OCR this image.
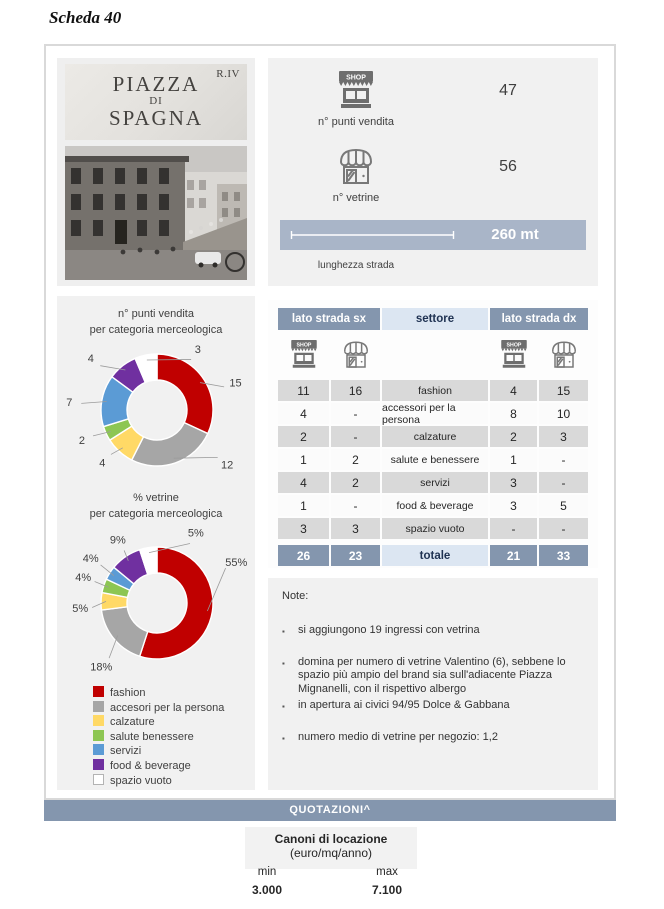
Scheda 40
PIAZZA
DI
SPAGNA
R.IV	SHOP
47
n° punti vendita
56
n° vetrine
260 mt
lunghezza strada
n° punti vendita
per categoria merceologica
15
12
4
2
7
4
3
% vetrine
per categoria merceologica
55%
18%
5%
4%
4%
9%
5%
fashion
accesori per la persona
calzature
salute benessere
servizi
food & beverage
spazio vuoto
lato strada sx	settore	lato strada dx
SHOP	SHOP
11	16	fashion	4	15
4	-	accessori per la persona	8	10
2	-	calzature	2	3
1	2	salute e benessere	1	-
4	2	servizi	3	-
1	-	food & beverage	3	5
3	3	spazio vuoto	-	-
26	23	totale	21	33
Note:
▪	si aggiungono 19 ingressi con vetrina
▪	domina per numero di vetrine Valentino (6), sebbene lo spazio più ampio del brand sia sull'adiacente Piazza Mignanelli, con il rispettivo albergo
▪	in apertura ai civici 94/95 Dolce & Gabbana
▪	numero medio di vetrine per negozio: 1,2
QUOTAZIONI^
Canoni di locazione
(euro/mq/anno)
min	max
3.000	7.100
